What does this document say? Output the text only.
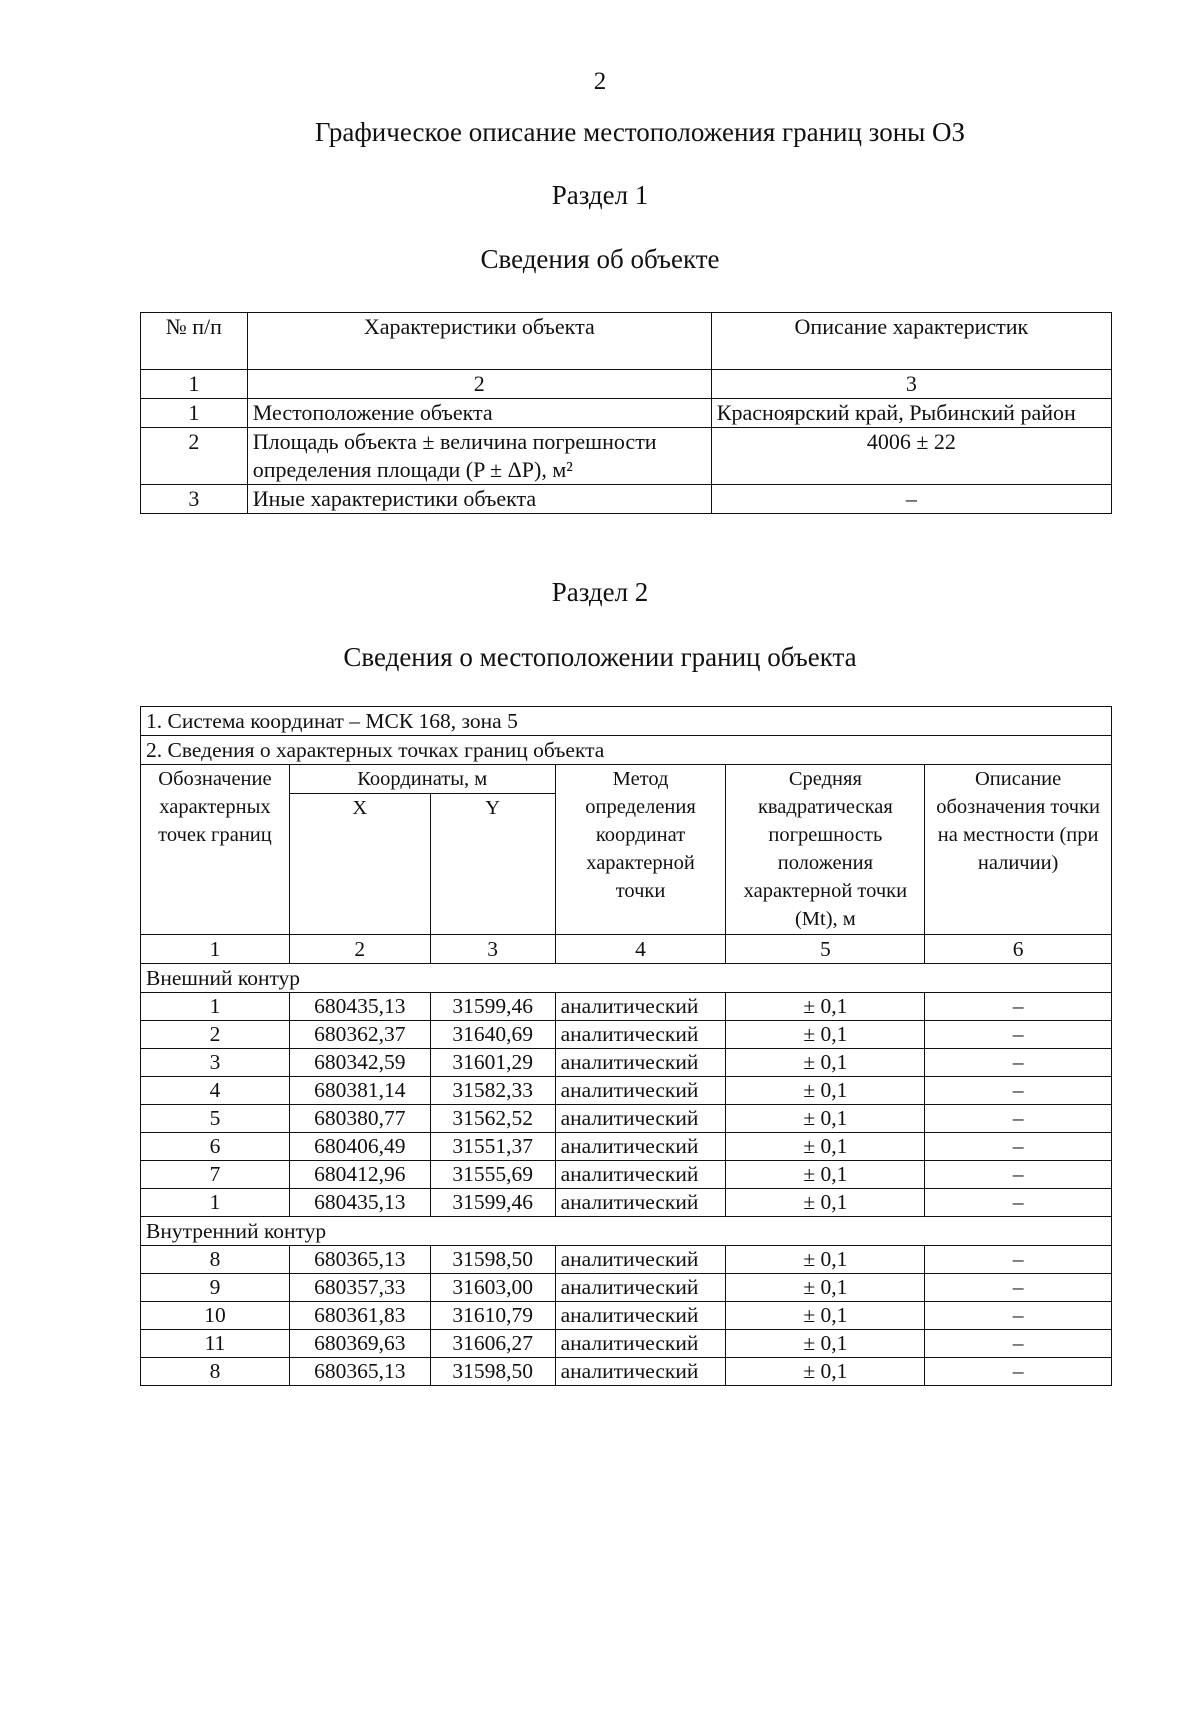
2
Графическое описание местоположения границ зоны ОЗ
Раздел 1
Сведения об объекте
№ п/п	Характеристики объекта	Описание характеристик
1	2	3
1	Местоположение объекта	Красноярский край, Рыбинский район
2	Площадь объекта ± величина погрешности определения площади (P ± ΔP), м²	4006 ± 22
3	Иные характеристики объекта	–
Раздел 2
Сведения о местоположении границ объекта
1. Система координат – МСК 168, зона 5					
2. Сведения о характерных точках границ объекта					
Обозначение характерных точек границ	Координаты, м		Метод определения координат характерной точки	Средняя квадратическая погрешность положения характерной точки (Mt), м	Описание обозначения точки на местности (при наличии)
	X	Y			
1	2	3	4	5	6
Внешний контур					
1	680435,13	31599,46	аналитический	± 0,1	–
2	680362,37	31640,69	аналитический	± 0,1	–
3	680342,59	31601,29	аналитический	± 0,1	–
4	680381,14	31582,33	аналитический	± 0,1	–
5	680380,77	31562,52	аналитический	± 0,1	–
6	680406,49	31551,37	аналитический	± 0,1	–
7	680412,96	31555,69	аналитический	± 0,1	–
1	680435,13	31599,46	аналитический	± 0,1	–
Внутренний контур					
8	680365,13	31598,50	аналитический	± 0,1	–
9	680357,33	31603,00	аналитический	± 0,1	–
10	680361,83	31610,79	аналитический	± 0,1	–
11	680369,63	31606,27	аналитический	± 0,1	–
8	680365,13	31598,50	аналитический	± 0,1	–
